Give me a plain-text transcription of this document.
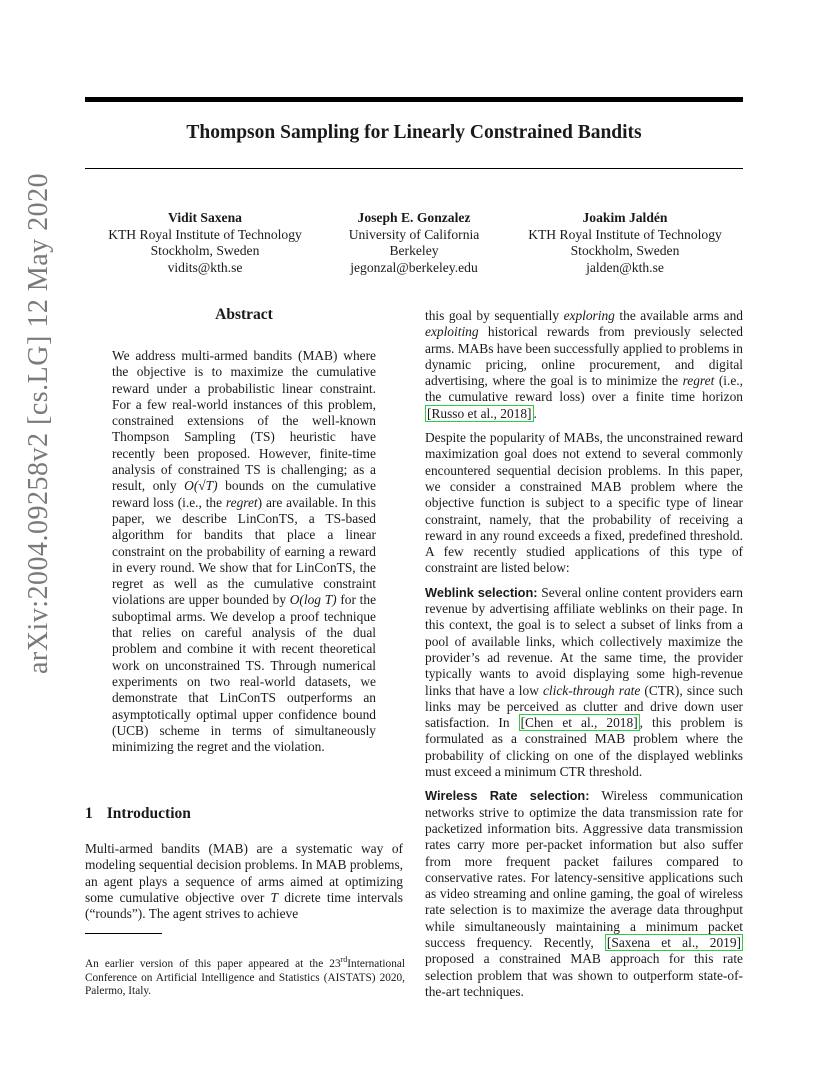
arXiv:2004.09258v2 [cs.LG] 12 May 2020
Thompson Sampling for Linearly Constrained Bandits
Vidit Saxena
KTH Royal Institute of Technology
Stockholm, Sweden
vidits@kth.se
Joseph E. Gonzalez
University of California
Berkeley
jegonzal@berkeley.edu
Joakim Jaldén
KTH Royal Institute of Technology
Stockholm, Sweden
jalden@kth.se
Abstract
We address multi-armed bandits (MAB) where the objective is to maximize the cumulative reward under a probabilistic linear constraint. For a few real-world instances of this problem, constrained extensions of the well-known Thompson Sampling (TS) heuristic have recently been proposed. However, finite-time analysis of constrained TS is challenging; as a result, only O(√T) bounds on the cumulative reward loss (i.e., the regret) are available. In this paper, we describe LinConTS, a TS-based algorithm for bandits that place a linear constraint on the probability of earning a reward in every round. We show that for LinConTS, the regret as well as the cumulative constraint violations are upper bounded by O(log T) for the suboptimal arms. We develop a proof technique that relies on careful analysis of the dual problem and combine it with recent theoretical work on unconstrained TS. Through numerical experiments on two real-world datasets, we demonstrate that LinConTS outperforms an asymptotically optimal upper confidence bound (UCB) scheme in terms of simultaneously minimizing the regret and the violation.
1 Introduction
Multi-armed bandits (MAB) are a systematic way of modeling sequential decision problems. In MAB problems, an agent plays a sequence of arms aimed at optimizing some cumulative objective over T dicrete time intervals (“rounds”). The agent strives to achieve
An earlier version of this paper appeared at the 23rdInternational Conference on Artificial Intelligence and Statistics (AISTATS) 2020, Palermo, Italy.

this goal by sequentially exploring the available arms and exploiting historical rewards from previously selected arms. MABs have been successfully applied to problems in dynamic pricing, online procurement, and digital advertising, where the goal is to minimize the regret (i.e., the cumulative reward loss) over a finite time horizon [Russo et al., 2018] .

Despite the popularity of MABs, the unconstrained reward maximization goal does not extend to several commonly encountered sequential decision problems. In this paper, we consider a constrained MAB problem where the objective function is subject to a specific type of linear constraint, namely, that the probability of receiving a reward in any round exceeds a fixed, predefined threshold. A few recently studied applications of this type of constraint are listed below:

Weblink selection: Several online content providers earn revenue by advertising affiliate weblinks on their page. In this context, the goal is to select a subset of links from a pool of available links, which collectively maximize the provider’s ad revenue. At the same time, the provider typically wants to avoid displaying some high-revenue links that have a low click-through rate (CTR), since such links may be perceived as clutter and drive down user satisfaction. In [Chen et al., 2018] , this problem is formulated as a constrained MAB problem where the probability of clicking on one of the displayed weblinks must exceed a minimum CTR threshold.

Wireless Rate selection: Wireless communication networks strive to optimize the data transmission rate for packetized information bits. Aggressive data transmission rates carry more per-packet information but also suffer from more frequent packet failures compared to conservative rates. For latency-sensitive applications such as video streaming and online gaming, the goal of wireless rate selection is to maximize the average data throughput while simultaneously maintaining a minimum packet success frequency. Recently, [Saxena et al., 2019] proposed a constrained MAB approach for this rate selection problem that was shown to outperform state-of-the-art techniques.
